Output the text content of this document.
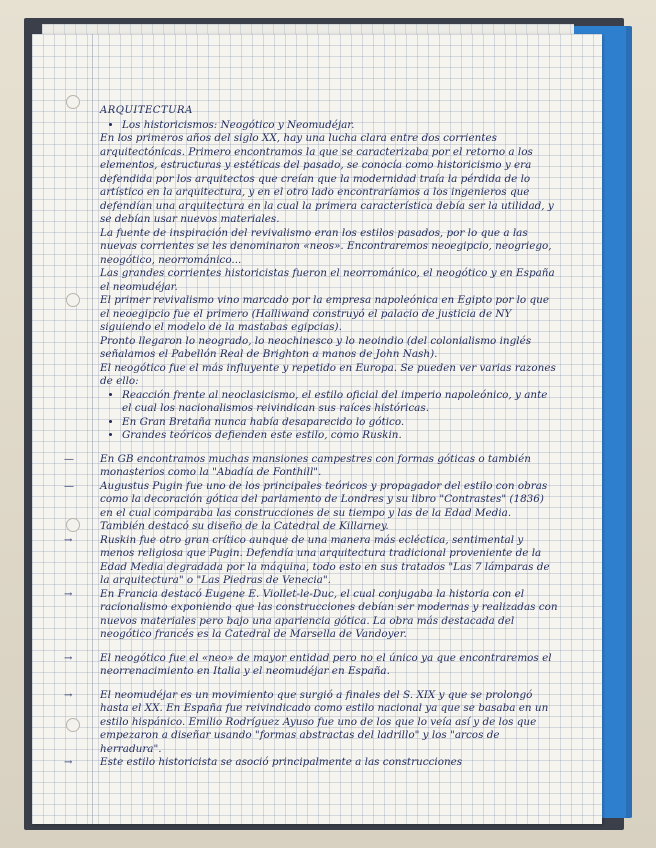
ARQUITECTURA
• Los historicismos: Neogótico y Neomudéjar.

En los primeros años del siglo XX, hay una lucha clara entre dos corrientes arquitectónicas. Primero encontramos la que se caracterizaba por el retorno a los elementos, estructuras y estéticas del pasado, se conocía como historicismo y era defendida por los arquitectos que creían que la modernidad traía la pérdida de lo artístico en la arquitectura, y en el otro lado encontraríamos a los ingenieros que defendían una arquitectura en la cual la primera característica debía ser la utilidad, y se debían usar nuevos materiales.

La fuente de inspiración del revivalismo eran los estilos pasados, por lo que a las nuevas corrientes se les denominaron «neos». Encontraremos neoegipcio, neogriego, neogótico, neorrománico...

Las grandes corrientes historicistas fueron el neorrománico, el neogótico y en España el neomudéjar.

El primer revivalismo vino marcado por la empresa napoleónica en Egipto por lo que el neoegipcio fue el primero (Halliwand construyó el palacio de justicia de NY siguiendo el modelo de la mastabas egipcias).

Pronto llegaron lo neogrado, lo neochinesco y lo neoindio (del colonialismo inglés señalamos el Pabellón Real de Brighton a manos de John Nash).

El neogótico fue el más influyente y repetido en Europa. Se pueden ver varias razones de ello:

• Reacción frente al neoclasicismo, el estilo oficial del imperio napoleónico, y ante el cual los nacionalismos reivindican sus raíces históricas.
• En Gran Bretaña nunca había desaparecido lo gótico.
• Grandes teóricos defienden este estilo, como Ruskin.
—	En GB encontramos muchas mansiones campestres con formas góticas o también monasterios como la "Abadía de Fonthill".

—	Augustus Pugin fue uno de los principales teóricos y propagador del estilo con obras como la decoración gótica del parlamento de Londres y su libro "Contrastes" (1836) en el cual comparaba las construcciones de su tiempo y las de la Edad Media. También destacó su diseño de la Catedral de Killarney.

→	Ruskin fue otro gran crítico aunque de una manera más ecléctica, sentimental y menos religiosa que Pugin. Defendía una arquitectura tradicional proveniente de la Edad Media degradada por la máquina, todo esto en sus tratados "Las 7 lámparas de la arquitectura" o "Las Piedras de Venecia".

→	En Francia destacó Eugene E. Viollet-le-Duc, el cual conjugaba la historia con el racionalismo exponiendo que las construcciones debían ser modernas y realizadas con nuevos materiales pero bajo una apariencia gótica. La obra más destacada del neogótico francés es la Catedral de Marsella de Vandoyer.

→	El neogótico fue el «neo» de mayor entidad pero no el único ya que encontraremos el neorrenacimiento en Italia y el neomudéjar en España.

→	El neomudéjar es un movimiento que surgió a finales del S. XIX y que se prolongó hasta el XX. En España fue reivindicado como estilo nacional ya que se basaba en un estilo hispánico. Emilio Rodríguez Ayuso fue uno de los que lo veía así y de los que empezaron a diseñar usando "formas abstractas del ladrillo" y los "arcos de herradura".

→	Este estilo historicista se asoció principalmente a las construcciones
